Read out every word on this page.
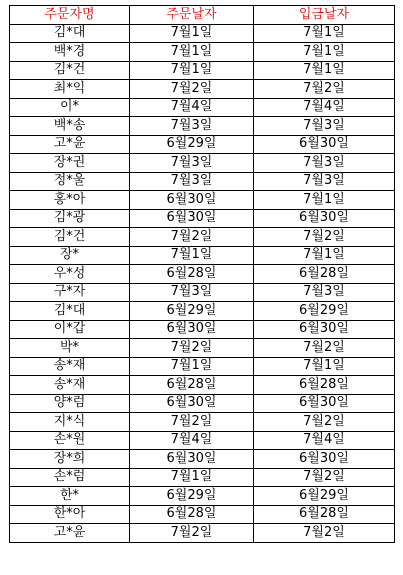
주문자명	주문날자	입금날자
김*대	7월1일	7월1일
백*경	7월1일	7월1일
김*건	7월1일	7월1일
최*익	7월2일	7월2일
이*	7월4일	7월4일
백*송	7월3일	7월3일
고*윤	6월29일	6월30일
장*권	7월3일	7월3일
정*울	7월3일	7월3일
홍*아	6월30일	7월1일
김*광	6월30일	6월30일
김*건	7월2일	7월2일
장*	7월1일	7월1일
우*성	6월28일	6월28일
구*자	7월3일	7월3일
김*대	6월29일	6월29일
이*갑	6월30일	6월30일
박*	7월2일	7월2일
송*재	7월1일	7월1일
송*재	6월28일	6월28일
양*럼	6월30일	6월30일
지*식	7월2일	7월2일
손*원	7월4일	7월4일
장*희	6월30일	6월30일
손*럼	7월1일	7월2일
한*	6월29일	6월29일
한*아	6월28일	6월28일
고*윤	7월2일	7월2일
